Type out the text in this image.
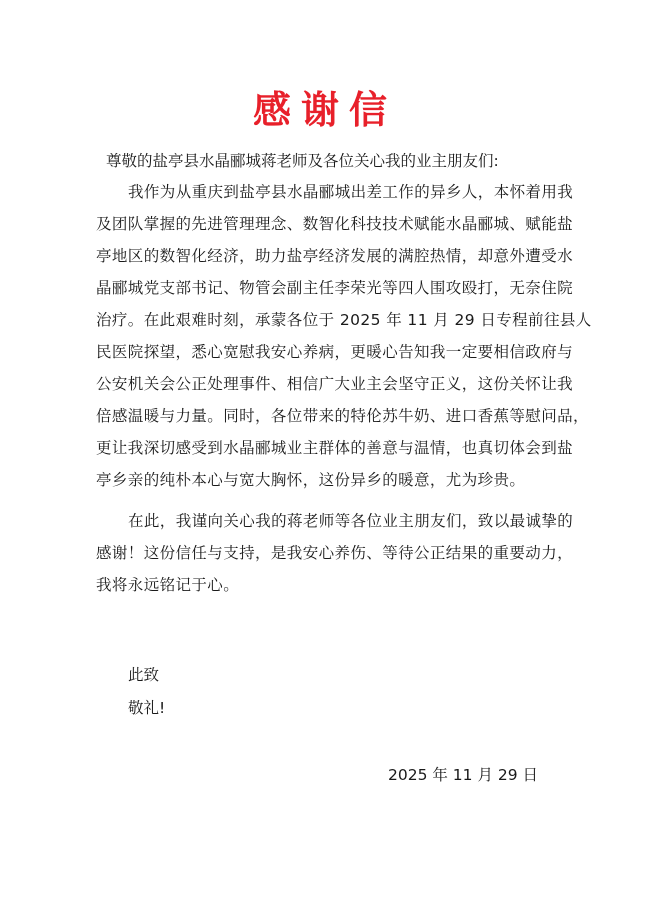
感谢信
尊敬的盐亭县水晶郦城蒋老师及各位关心我的业主朋友们:
我作为从重庆到盐亭县水晶郦城出差工作的异乡人，本怀着用我
及团队掌握的先进管理理念、数智化科技技术赋能水晶郦城、赋能盐
亭地区的数智化经济，助力盐亭经济发展的满腔热情，却意外遭受水
晶郦城党支部书记、物管会副主任李荣光等四人围攻殴打，无奈住院
治疗。在此艰难时刻，承蒙各位于 2025 年 11 月 29 日专程前往县人
民医院探望，悉心宽慰我安心养病，更暖心告知我一定要相信政府与
公安机关会公正处理事件、相信广大业主会坚守正义，这份关怀让我
倍感温暖与力量。同时，各位带来的特伦苏牛奶、进口香蕉等慰问品，
更让我深切感受到水晶郦城业主群体的善意与温情，也真切体会到盐
亭乡亲的纯朴本心与宽大胸怀，这份异乡的暖意，尤为珍贵。
在此，我谨向关心我的蒋老师等各位业主朋友们，致以最诚挚的
感谢！这份信任与支持，是我安心养伤、等待公正结果的重要动力，
我将永远铭记于心。
此致
敬礼!
2025 年 11 月 29 日
